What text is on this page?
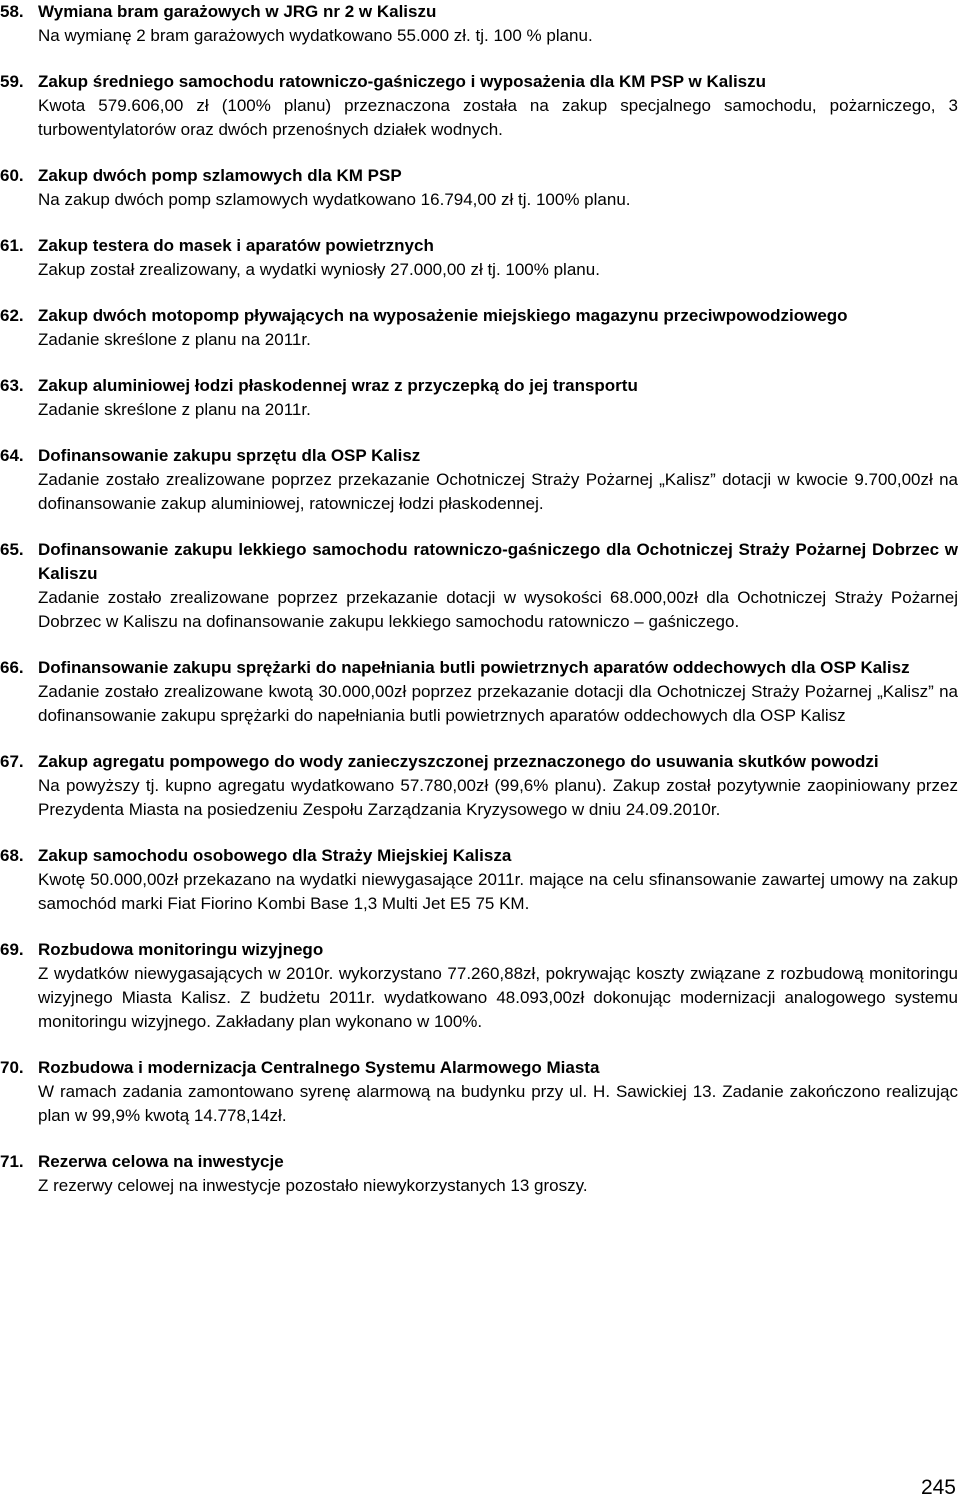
58. Wymiana bram garażowych w JRG nr 2 w Kaliszu
Na wymianę 2 bram garażowych wydatkowano 55.000 zł. tj. 100 % planu.
59. Zakup średniego samochodu ratowniczo-gaśniczego i wyposażenia dla KM PSP w Kaliszu
Kwota 579.606,00 zł (100% planu) przeznaczona została na zakup specjalnego samochodu, pożarniczego, 3 turbowentylatorów oraz dwóch przenośnych działek wodnych.
60. Zakup dwóch pomp szlamowych dla KM PSP
Na zakup dwóch pomp szlamowych wydatkowano 16.794,00 zł tj. 100% planu.
61. Zakup testera do masek i aparatów powietrznych
Zakup został zrealizowany, a wydatki wyniosły 27.000,00 zł tj. 100% planu.
62. Zakup dwóch motopomp pływających na wyposażenie miejskiego magazynu przeciwpowodziowego
Zadanie skreślone z planu na 2011r.
63. Zakup aluminiowej łodzi płaskodennej wraz z przyczepką do jej transportu
Zadanie skreślone z planu na 2011r.
64. Dofinansowanie zakupu sprzętu dla OSP Kalisz
Zadanie zostało zrealizowane poprzez przekazanie Ochotniczej Straży Pożarnej „Kalisz” dotacji w kwocie 9.700,00zł na dofinansowanie zakup aluminiowej, ratowniczej łodzi płaskodennej.
65. Dofinansowanie zakupu lekkiego samochodu ratowniczo-gaśniczego dla Ochotniczej Straży Pożarnej Dobrzec w Kaliszu
Zadanie zostało zrealizowane poprzez przekazanie dotacji w wysokości 68.000,00zł dla Ochotniczej Straży Pożarnej Dobrzec w Kaliszu na dofinansowanie zakupu lekkiego samochodu ratowniczo – gaśniczego.
66. Dofinansowanie zakupu sprężarki do napełniania butli powietrznych aparatów oddechowych dla OSP Kalisz
Zadanie zostało zrealizowane kwotą 30.000,00zł poprzez przekazanie dotacji dla Ochotniczej Straży Pożarnej „Kalisz” na dofinansowanie zakupu sprężarki do napełniania butli powietrznych aparatów oddechowych dla OSP Kalisz
67. Zakup agregatu pompowego do wody zanieczyszczonej przeznaczonego do usuwania skutków powodzi
Na powyższy tj. kupno agregatu wydatkowano 57.780,00zł (99,6% planu). Zakup został pozytywnie zaopiniowany przez Prezydenta Miasta na posiedzeniu Zespołu Zarządzania Kryzysowego w dniu 24.09.2010r.
68. Zakup samochodu osobowego dla Straży Miejskiej Kalisza
Kwotę 50.000,00zł przekazano na wydatki niewygasające 2011r. mające na celu sfinansowanie zawartej umowy na zakup samochód marki Fiat Fiorino Kombi Base 1,3 Multi Jet E5 75 KM.
69. Rozbudowa monitoringu wizyjnego
Z wydatków niewygasających w 2010r. wykorzystano 77.260,88zł, pokrywając koszty związane z rozbudową monitoringu wizyjnego Miasta Kalisz. Z budżetu 2011r. wydatkowano 48.093,00zł dokonując modernizacji analogowego systemu monitoringu wizyjnego. Zakładany plan wykonano w 100%.
70. Rozbudowa i modernizacja Centralnego Systemu Alarmowego Miasta
W ramach zadania zamontowano syrenę alarmową na budynku przy ul. H. Sawickiej 13. Zadanie zakończono realizując plan w 99,9% kwotą 14.778,14zł.
71. Rezerwa celowa na inwestycje
Z rezerwy celowej na inwestycje pozostało niewykorzystanych 13 groszy.
245
